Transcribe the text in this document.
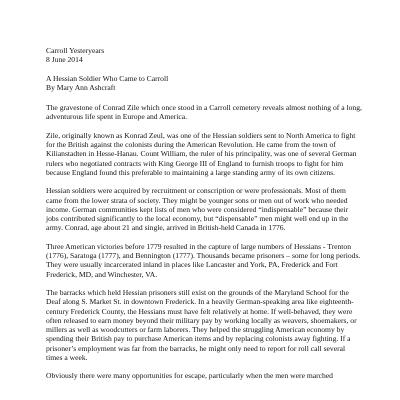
Carroll Yesteryears
8 June 2014
A Hessian Soldier Who Came to Carroll
By Mary Ann Ashcraft

The gravestone of Conrad Zile which once stood in a Carroll cemetery reveals almost nothing of a long, adventurous life spent in Europe and America.

Zile, originally known as Konrad Zeul, was one of the Hessian soldiers sent to North America to fight for the British against the colonists during the American Revolution. He came from the town of Kilianstadten in Hesse-Hanau. Count William, the ruler of his principality, was one of several German rulers who negotiated contracts with King George III of England to furnish troops to fight for him because England found this preferable to maintaining a large standing army of its own citizens.

Hessian soldiers were acquired by recruitment or conscription or were professionals. Most of them came from the lower strata of society. They might be younger sons or men out of work who needed income. German communities kept lists of men who were considered “indispensable” because their jobs contributed significantly to the local economy, but “dispensable” men might well end up in the army. Conrad, age about 21 and single, arrived in British-held Canada in 1776.

Three American victories before 1779 resulted in the capture of large numbers of Hessians - Trenton (1776), Saratoga (1777), and Bennington (1777). Thousands became prisoners – some for long periods. They were usually incarcerated inland in places like Lancaster and York, PA, Frederick and Fort Frederick, MD, and Winchester, VA.

The barracks which held Hessian prisoners still exist on the grounds of the Maryland School for the Deaf along S. Market St. in downtown Frederick. In a heavily German-speaking area like eighteenth-century Frederick County, the Hessians must have felt relatively at home. If well-behaved, they were often released to earn money beyond their military pay by working locally as weavers, shoemakers, or millers as well as woodcutters or farm laborers. They helped the struggling American economy by spending their British pay to purchase American items and by replacing colonists away fighting. If a prisoner’s employment was far from the barracks, he might only need to report for roll call several times a week.

Obviously there were many opportunities for escape, particularly when the men were marched
